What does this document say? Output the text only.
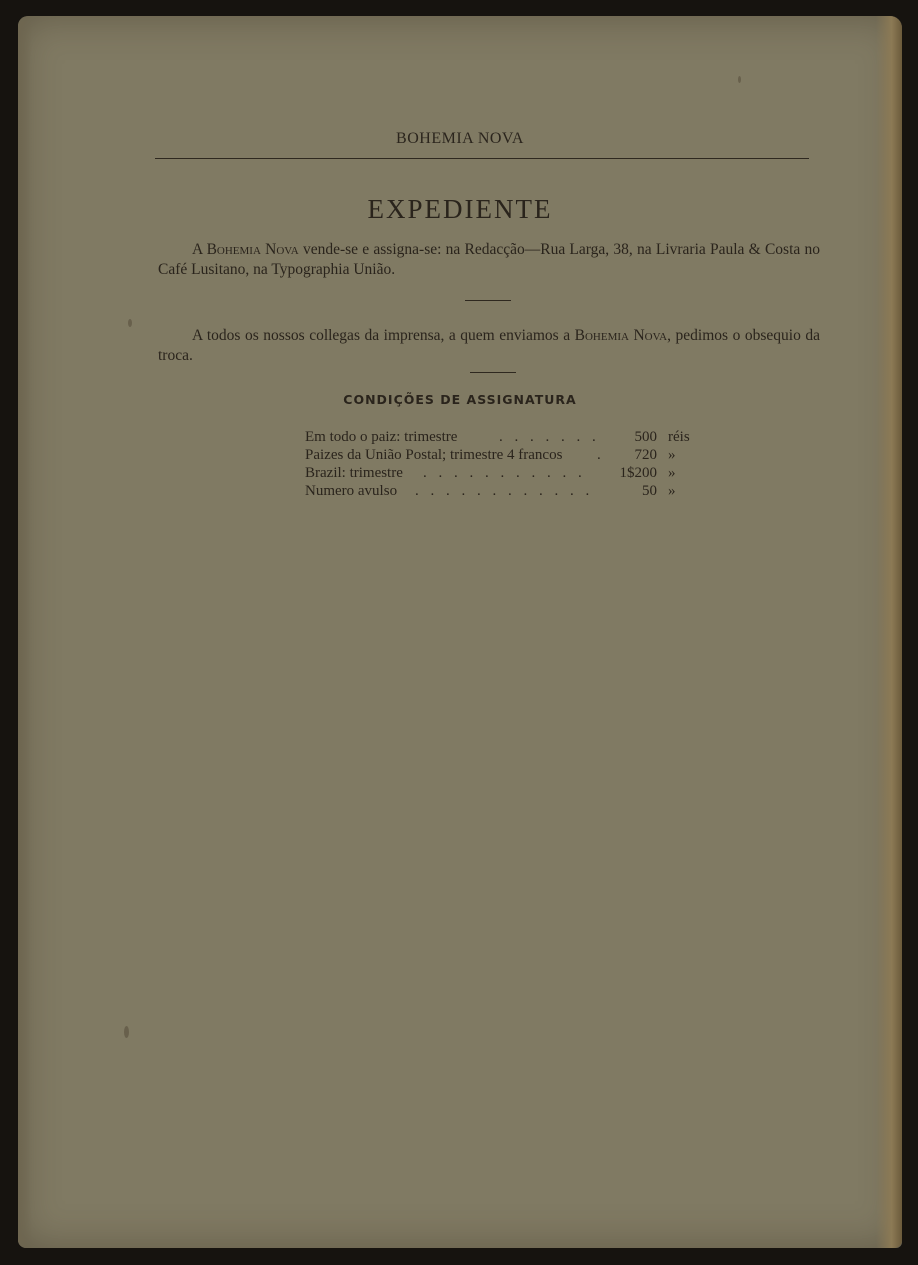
BOHEMIA NOVA
EXPEDIENTE
A Bohemia Nova vende-se e assigna-se: na Redacção—Rua Larga, 38, na Livraria Paula & Costa no Café Lusitano, na Typographia União.
A todos os nossos collegas da imprensa, a quem enviamos a Bohemia Nova, pedimos o obsequio da troca.
CONDIÇÕES DE ASSIGNATURA
Em todo o paiz: trimestre	. . . . . . .	500 réis
Paizes da União Postal; trimestre 4 francos .	720 »
Brazil: trimestre . . . . . . . . . . . 1$200 »
Numero avulso . . . . . . . . . . . .	50 »
